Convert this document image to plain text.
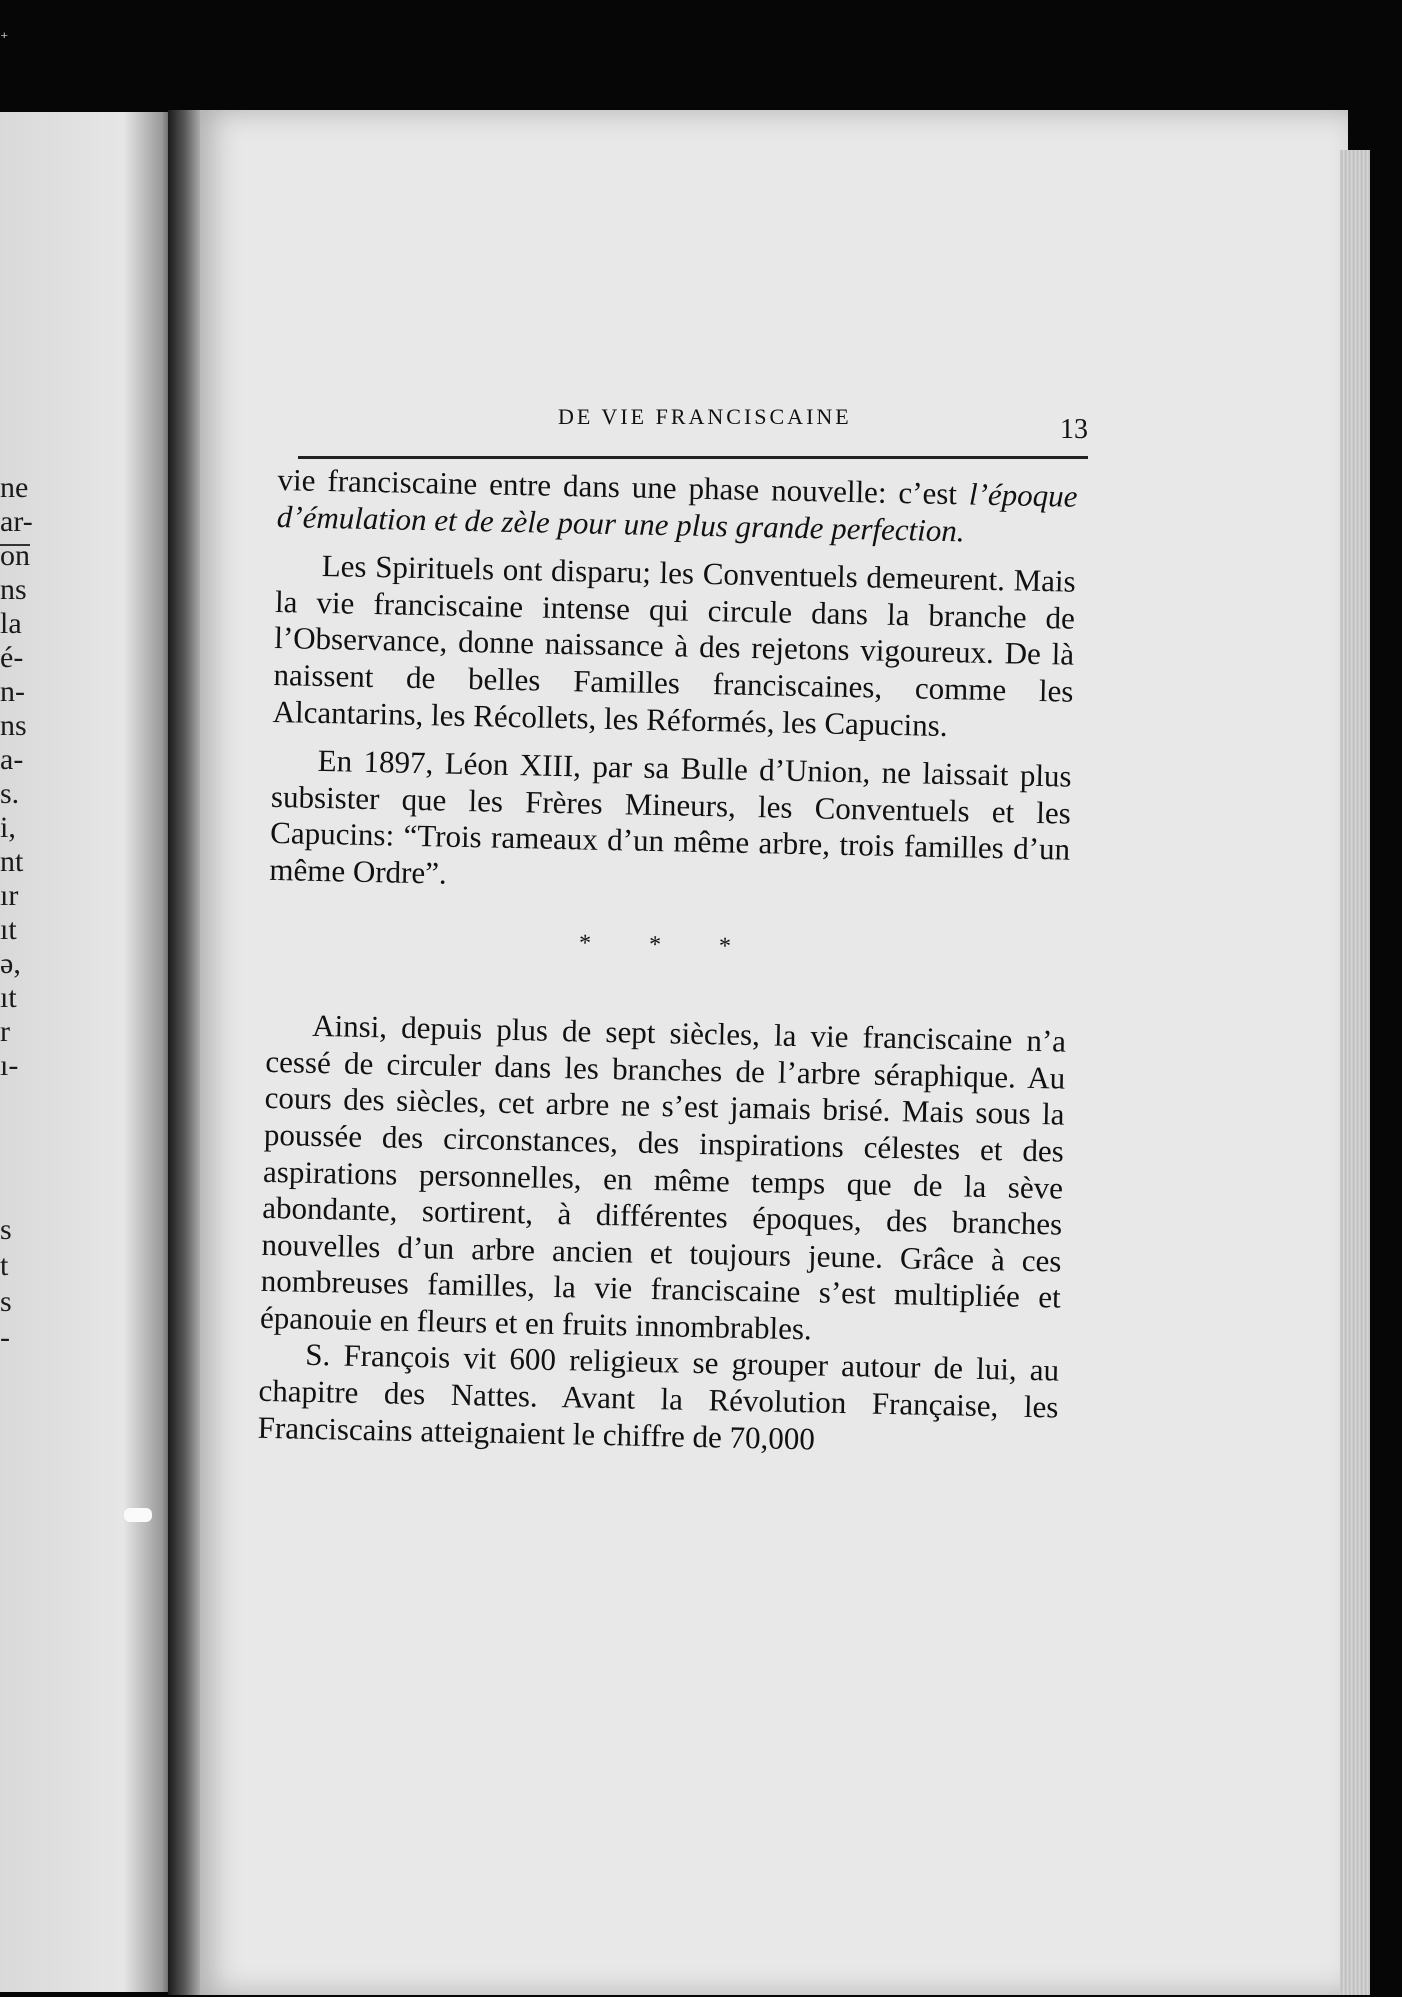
⁺
ne
ar-
on
ns
la
é-
n-
ns
a-
s.
i,
nt
ır
ıt
ə,
ıt
r
ı-
s
t
s
-
DE VIE FRANCISCAINE	13

vie franciscaine entre dans une phase nouvelle: c’est l’époque d’émulation et de zèle pour une plus grande perfection.

Les Spirituels ont disparu; les Conventuels demeurent. Mais la vie franciscaine intense qui circule dans la branche de l’Observance, donne naissance à des rejetons vigoureux. De là naissent de belles Familles franciscaines, comme les Alcantarins, les Récollets, les Réformés, les Capucins.

En 1897, Léon XIII, par sa Bulle d’Union, ne laissait plus subsister que les Frères Mineurs, les Conventuels et les Capucins: “Trois rameaux d’un même arbre, trois familles d’un même Ordre”.

* * *

Ainsi, depuis plus de sept siècles, la vie franciscaine n’a cessé de circuler dans les branches de l’arbre séraphique. Au cours des siècles, cet arbre ne s’est jamais brisé. Mais sous la poussée des circonstances, des inspirations célestes et des aspirations personnelles, en même temps que de la sève abondante, sortirent, à différentes époques, des branches nouvelles d’un arbre ancien et toujours jeune. Grâce à ces nombreuses familles, la vie franciscaine s’est multipliée et épanouie en fleurs et en fruits innombrables.

S. François vit 600 religieux se grouper autour de lui, au chapitre des Nattes. Avant la Révolution Française, les Franciscains atteignaient le chiffre de 70,000
